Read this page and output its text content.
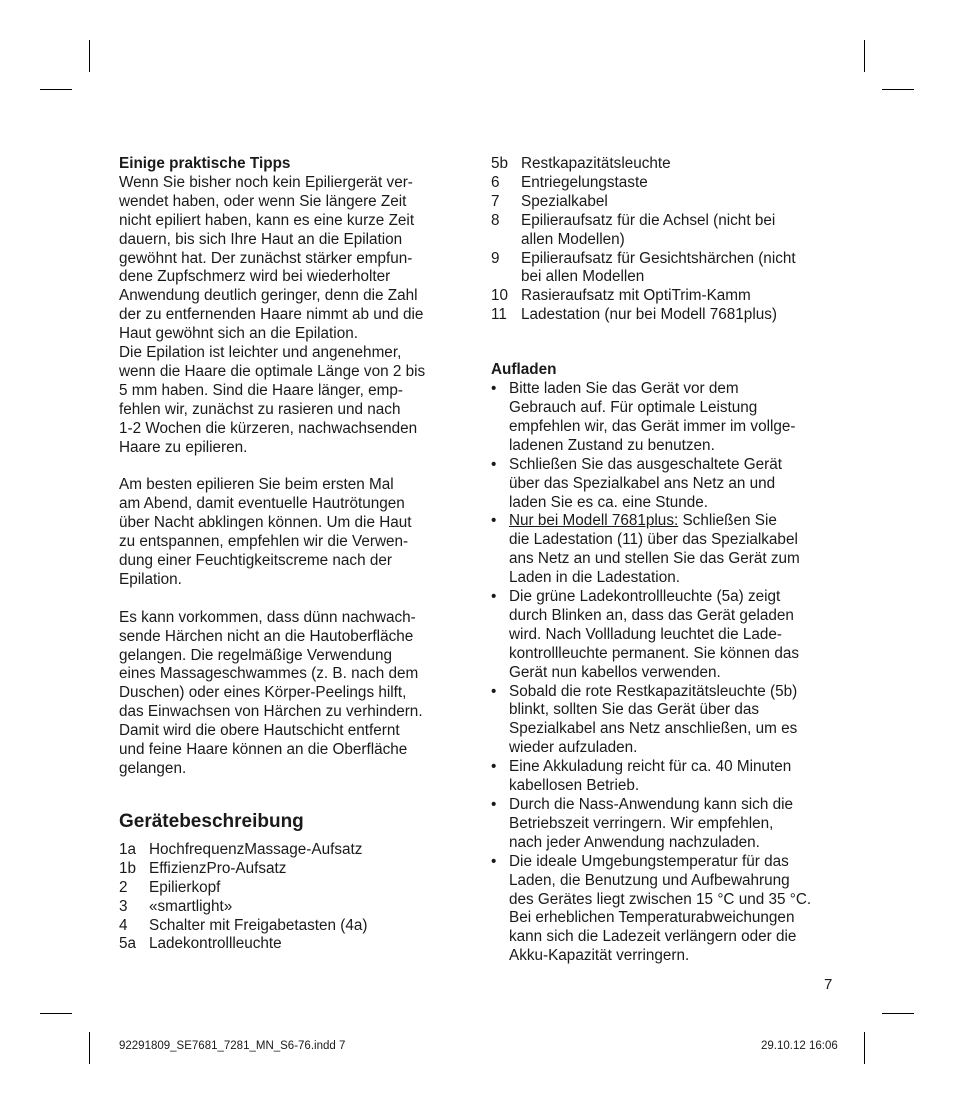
Einige praktische Tipps

Wenn Sie bisher noch kein Epiliergerät ver-
wendet haben, oder wenn Sie längere Zeit
nicht epiliert haben, kann es eine kurze Zeit
dauern, bis sich Ihre Haut an die Epilation
gewöhnt hat. Der zunächst stärker empfun-
dene Zupfschmerz wird bei wiederholter
Anwendung deutlich geringer, denn die Zahl
der zu entfernenden Haare nimmt ab und die
Haut gewöhnt sich an die Epilation.
Die Epilation ist leichter und angenehmer,
wenn die Haare die optimale Länge von 2 bis
5 mm haben. Sind die Haare länger, emp-
fehlen wir, zunächst zu rasieren und nach
1-2 Wochen die kürzeren, nachwachsenden
Haare zu epilieren.

Am besten epilieren Sie beim ersten Mal
am Abend, damit eventuelle Hautrötungen
über Nacht abklingen können. Um die Haut
zu entspannen, empfehlen wir die Verwen-
dung einer Feuchtigkeitscreme nach der
Epilation.

Es kann vorkommen, dass dünn nachwach-
sende Härchen nicht an die Hautoberfläche
gelangen. Die regelmäßige Verwendung
eines Massageschwammes (z. B. nach dem
Duschen) oder eines Körper-Peelings hilft,
das Einwachsen von Härchen zu verhindern.
Damit wird die obere Hautschicht entfernt
und feine Haare können an die Oberfläche
gelangen.

Gerätebeschreibung
1a HochfrequenzMassage-Aufsatz
1b EffizienzPro-Aufsatz
2	Epilierkopf
3	«smartlight»
4	Schalter mit Freigabetasten (4a)
5a Ladekontrollleuchte
5b Restkapazitätsleuchte
6	Entriegelungstaste
7	Spezialkabel
8	Epilieraufsatz für die Achsel (nicht bei
allen Modellen)
9	Epilieraufsatz für Gesichtshärchen (nicht
bei allen Modellen
10 Rasieraufsatz mit OptiTrim-Kamm
11 Ladestation (nur bei Modell 7681plus)

Aufladen

• Bitte laden Sie das Gerät vor dem
Gebrauch auf. Für optimale Leistung
empfehlen wir, das Gerät immer im vollge-
ladenen Zustand zu benutzen.
• Schließen Sie das ausgeschaltete Gerät
über das Spezialkabel ans Netz an und
laden Sie es ca. eine Stunde.
• Nur bei Modell 7681plus: Schließen Sie
die Ladestation (11) über das Spezialkabel
ans Netz an und stellen Sie das Gerät zum
Laden in die Ladestation.
• Die grüne Ladekontrollleuchte (5a) zeigt
durch Blinken an, dass das Gerät geladen
wird. Nach Vollladung leuchtet die Lade-
kontrollleuchte permanent. Sie können das
Gerät nun kabellos verwenden.
• Sobald die rote Restkapazitätsleuchte (5b)
blinkt, sollten Sie das Gerät über das
Spezialkabel ans Netz anschließen, um es
wieder aufzuladen.
• Eine Akkuladung reicht für ca. 40 Minuten
kabellosen Betrieb.
• Durch die Nass-Anwendung kann sich die
Betriebszeit verringern. Wir empfehlen,
nach jeder Anwendung nachzuladen.
• Die ideale Umgebungstemperatur für das
Laden, die Benutzung und Aufbewahrung
des Gerätes liegt zwischen 15 °C und 35 °C.
Bei erheblichen Temperaturabweichungen
kann sich die Ladezeit verlängern oder die
Akku-Kapazität verringern.
7
92291809_SE7681_7281_MN_S6-76.indd 7	29.10.12 16:06
